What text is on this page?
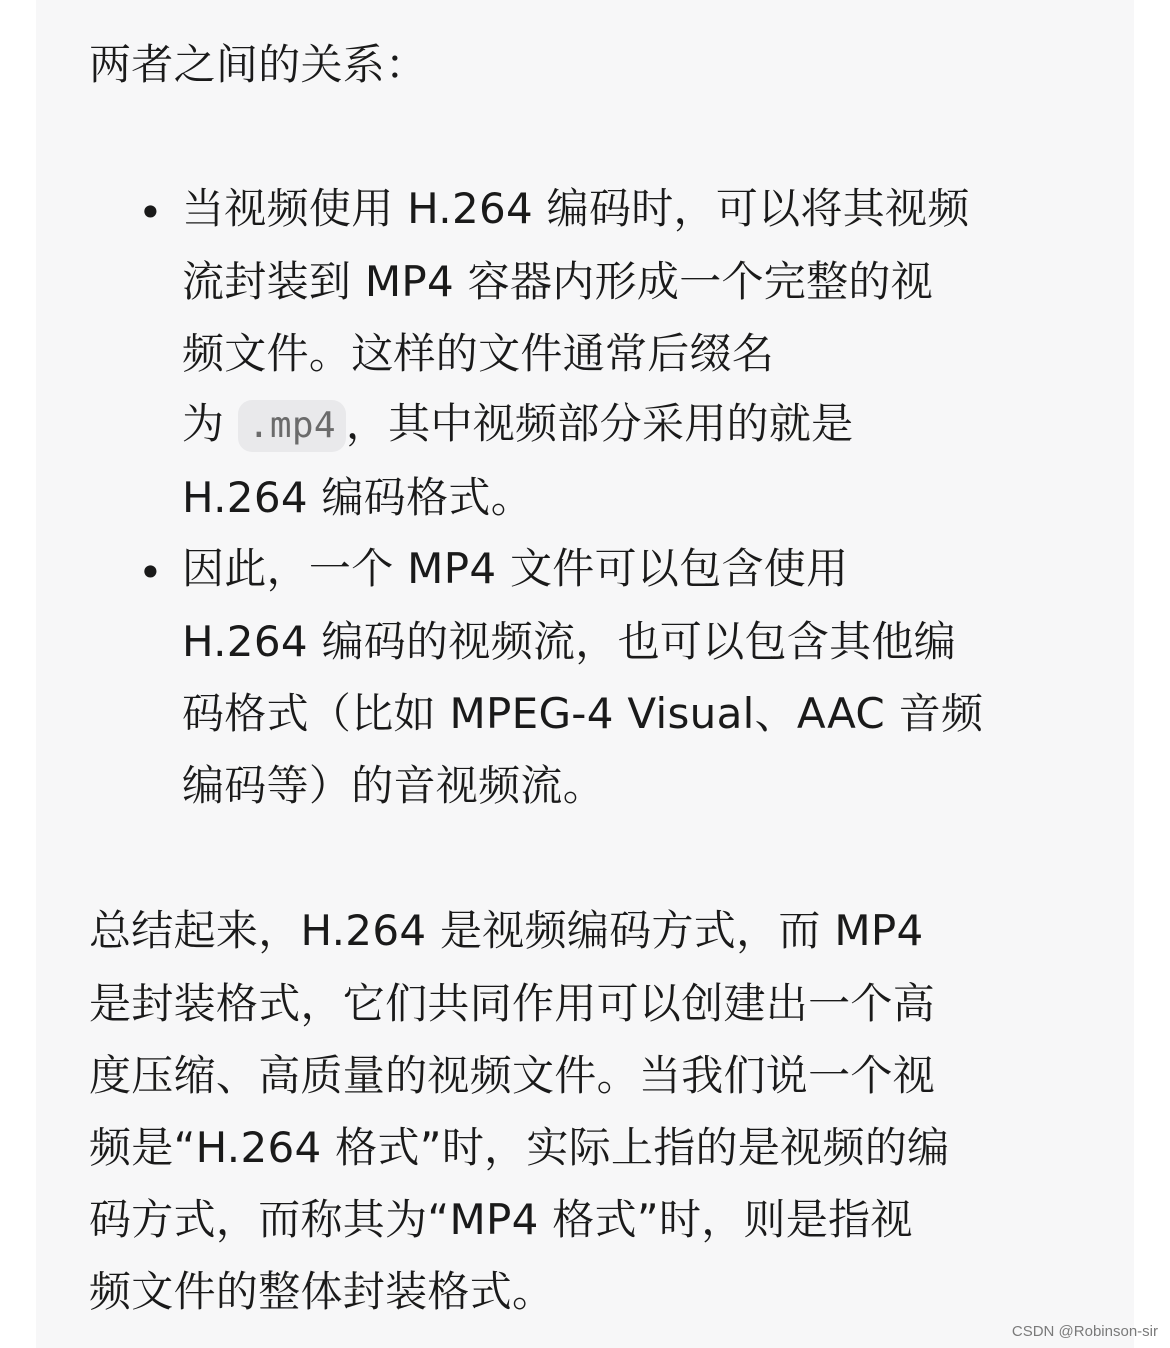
两者之间的关系：

• 当视频使用 H.264 编码时，可以将其视频

流封装到 MP4 容器内形成一个完整的视

频文件。这样的文件通常后缀名

为 .mp4 ，其中视频部分采用的就是

H.264 编码格式。

• 因此，一个 MP4 文件可以包含使用

H.264 编码的视频流，也可以包含其他编

码格式（比如 MPEG-4 Visual、AAC 音频

编码等）的音视频流。

总结起来，H.264 是视频编码方式，而 MP4

是封装格式，它们共同作用可以创建出一个高

度压缩、高质量的视频文件。当我们说一个视

频是“H.264 格式”时，实际上指的是视频的编

码方式，而称其为“MP4 格式”时，则是指视

频文件的整体封装格式。

CSDN @Robinson-sir
